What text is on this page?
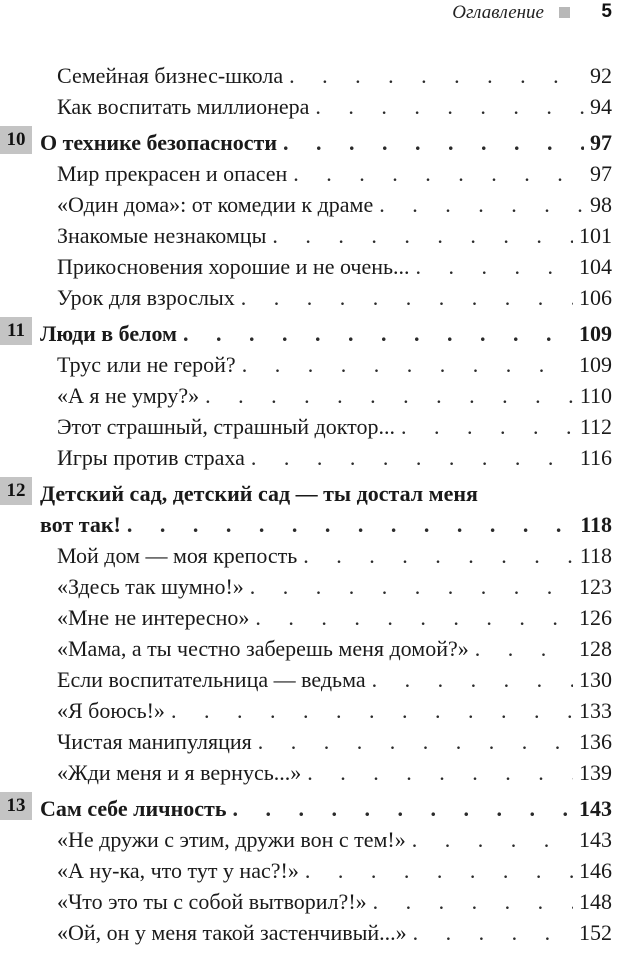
Оглавление	5
Семейная бизнес-школа . . .	92
Как воспитать миллионера . . .	94
10 О технике безопасности . . .	97
Мир прекрасен и опасен . . .	97
«Один дома»: от комедии к драме . . .	98
Знакомые незнакомцы . . .	101
Прикосновения хорошие и не очень... . . .	104
Урок для взрослых . . .	106
11 Люди в белом . . .	109
Трус или не герой? . . .	109
«А я не умру?» . . .	110
Этот страшный, страшный доктор... . . .	112
Игры против страха . . .	116
12 Детский сад, детский сад — ты достал меня
вот так! . . .	118
Мой дом — моя крепость . . .	118
«Здесь так шумно!» . . .	123
«Мне не интересно» . . .	126
«Мама, а ты честно заберешь меня домой?» . . .	128
Если воспитательница — ведьма . . .	130
«Я боюсь!» . . .	133
Чистая манипуляция . . .	136
«Жди меня и я вернусь...» . . .	139
13 Сам себе личность . . .	143
«Не дружи с этим, дружи вон с тем!» . . .	143
«А ну-ка, что тут у нас?!» . . .	146
«Что это ты с собой вытворил?!» . . .	148
«Ой, он у меня такой застенчивый...» . . .	152
